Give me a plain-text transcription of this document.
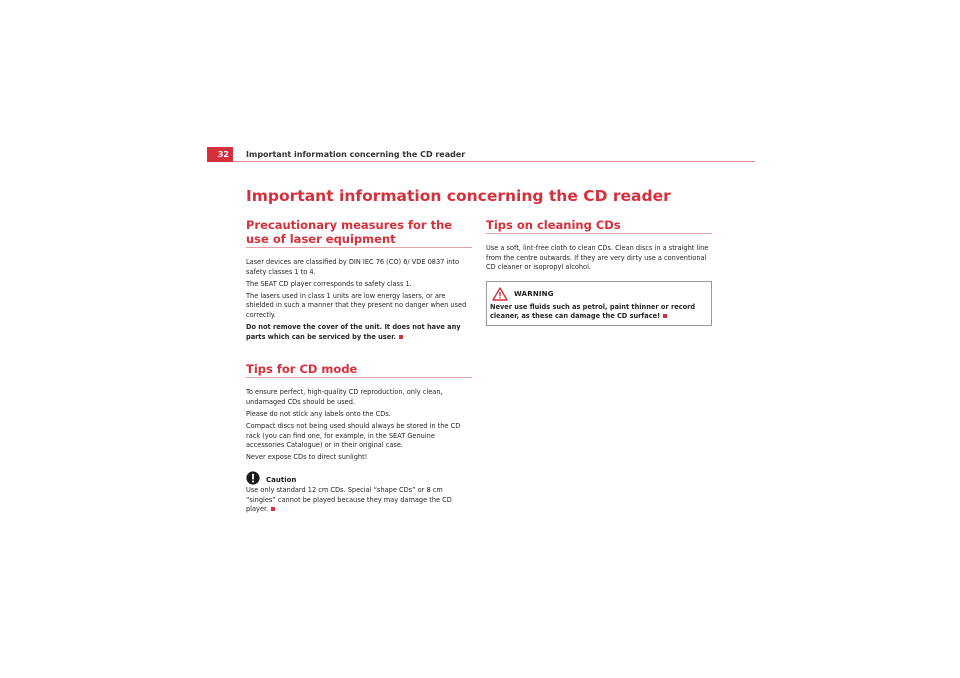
32	Important information concerning the CD reader
Important information concerning the CD reader
Precautionary measures for the use of laser equipment

Laser devices are classified by DIN IEC 76 (CO) 6/ VDE 0837 into safety classes 1 to 4.

The SEAT CD player corresponds to safety class 1.

The lasers used in class 1 units are low energy lasers, or are shielded in such a manner that they present no danger when used correctly.

Do not remove the cover of the unit. It does not have any parts which can be serviced by the user.

Tips for CD mode

To ensure perfect, high-quality CD reproduction, only clean, undamaged CDs should be used.

Please do not stick any labels onto the CDs.

Compact discs not being used should always be stored in the CD rack (you can find one, for example, in the SEAT Genuine accessories Catalogue) or in their original case.

Never expose CDs to direct sunlight!

Caution

Use only standard 12 cm CDs. Special “shape CDs” or 8 cm “singles” cannot be played because they may damage the CD player.

Tips on cleaning CDs

Use a soft, lint-free cloth to clean CDs. Clean discs in a straight line from the centre outwards. If they are very dirty use a conventional CD cleaner or isopropyl alcohol.

WARNING

Never use fluids such as petrol, paint thinner or record cleaner, as these can damage the CD surface!
